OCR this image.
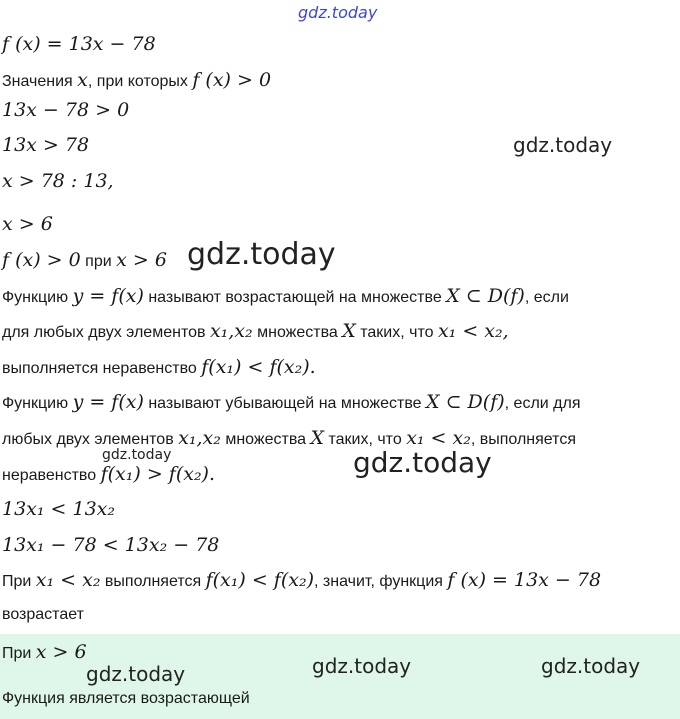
gdz.today
gdz.today
gdz.today
gdz.today	gdz.today
gdz.today	gdz.today
gdz.today
f (x) = 13x − 78
Значения x, при которых f (x) > 0
13x − 78 > 0
13x > 78
x > 78 : 13,
x > 6
f (x) > 0 при x > 6
Функцию y = f(x) называют возрастающей на множестве X ⊂ D(f), если
для любых двух элементов x₁,x₂ множества X таких, что x₁ < x₂,
выполняется неравенство f(x₁) < f(x₂).
Функцию y = f(x) называют убывающей на множестве X ⊂ D(f), если для
любых двух элементов x₁,x₂ множества X таких, что x₁ < x₂, выполняется
неравенство f(x₁) > f(x₂).
13x₁ < 13x₂
13x₁ − 78 < 13x₂ − 78
При x₁ < x₂ выполняется f(x₁) < f(x₂), значит, функция f (x) = 13x − 78
возрастает
При x > 6
Функция является возрастающей
